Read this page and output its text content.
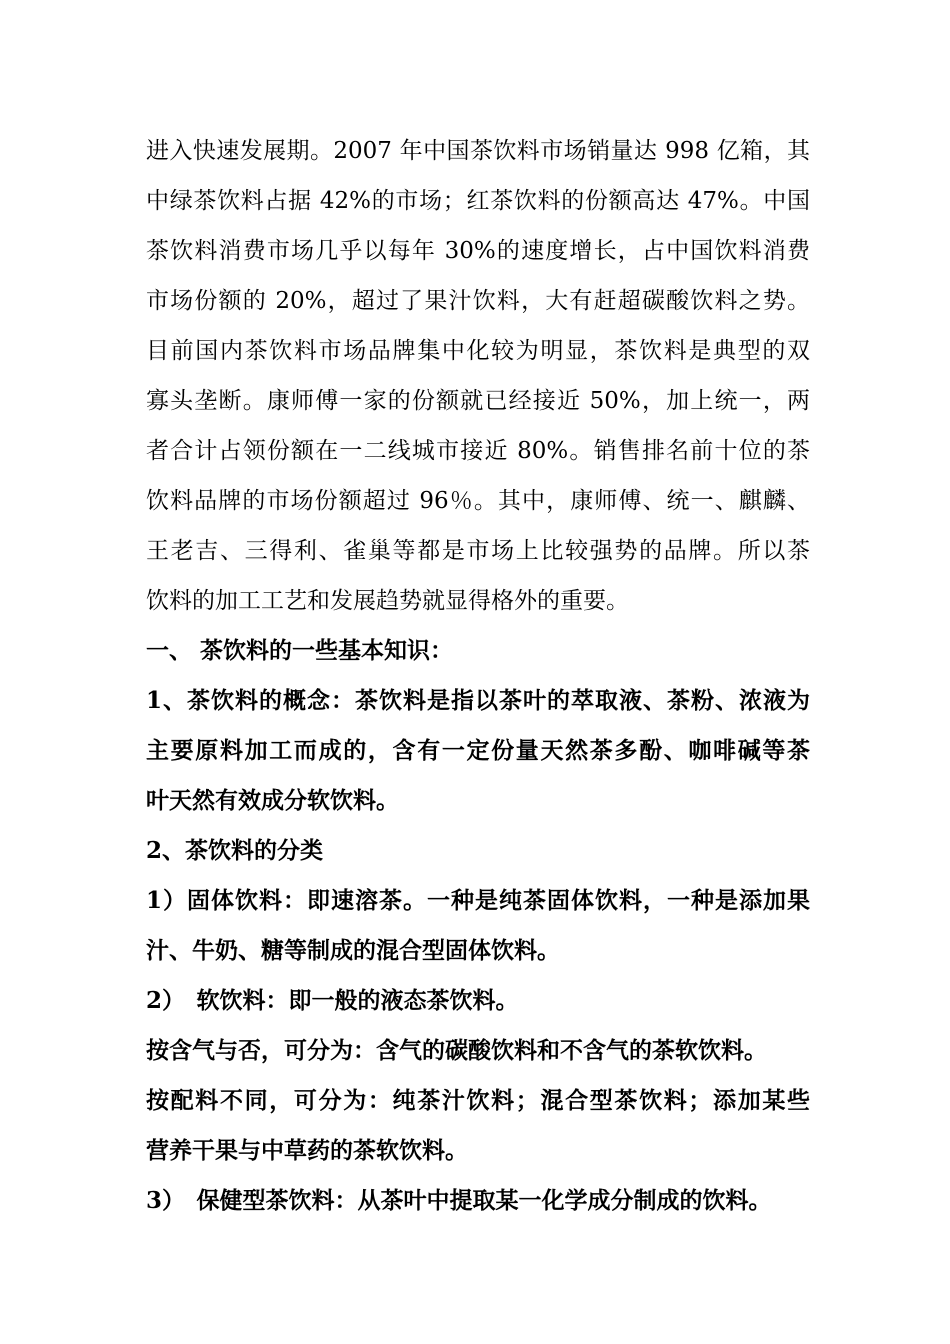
进入快速发展期。2007 年中国茶饮料市场销量达 998 亿箱，其

中绿茶饮料占据 42%的市场；红茶饮料的份额高达 47%。中国

茶饮料消费市场几乎以每年 30%的速度增长，占中国饮料消费

市场份额的 20%，超过了果汁饮料，大有赶超碳酸饮料之势。

目前国内茶饮料市场品牌集中化较为明显，茶饮料是典型的双

寡头垄断。康师傅一家的份额就已经接近 50%，加上统一，两

者合计占领份额在一二线城市接近 80%。销售排名前十位的茶

饮料品牌的市场份额超过 96％。其中，康师傅、统一、麒麟、

王老吉、三得利、雀巢等都是市场上比较强势的品牌。所以茶

饮料的加工工艺和发展趋势就显得格外的重要。

一、 茶饮料的一些基本知识：

1、茶饮料的概念：茶饮料是指以茶叶的萃取液、茶粉、浓液为

主要原料加工而成的，含有一定份量天然茶多酚、咖啡碱等茶

叶天然有效成分软饮料。

2、茶饮料的分类

1）固体饮料：即速溶茶。一种是纯茶固体饮料，一种是添加果

汁、牛奶、糖等制成的混合型固体饮料。

2）　软饮料：即一般的液态茶饮料。

按含气与否，可分为：含气的碳酸饮料和不含气的茶软饮料。

按配料不同，可分为：纯茶汁饮料；混合型茶饮料；添加某些

营养干果与中草药的茶软饮料。

3）　保健型茶饮料：从茶叶中提取某一化学成分制成的饮料。
